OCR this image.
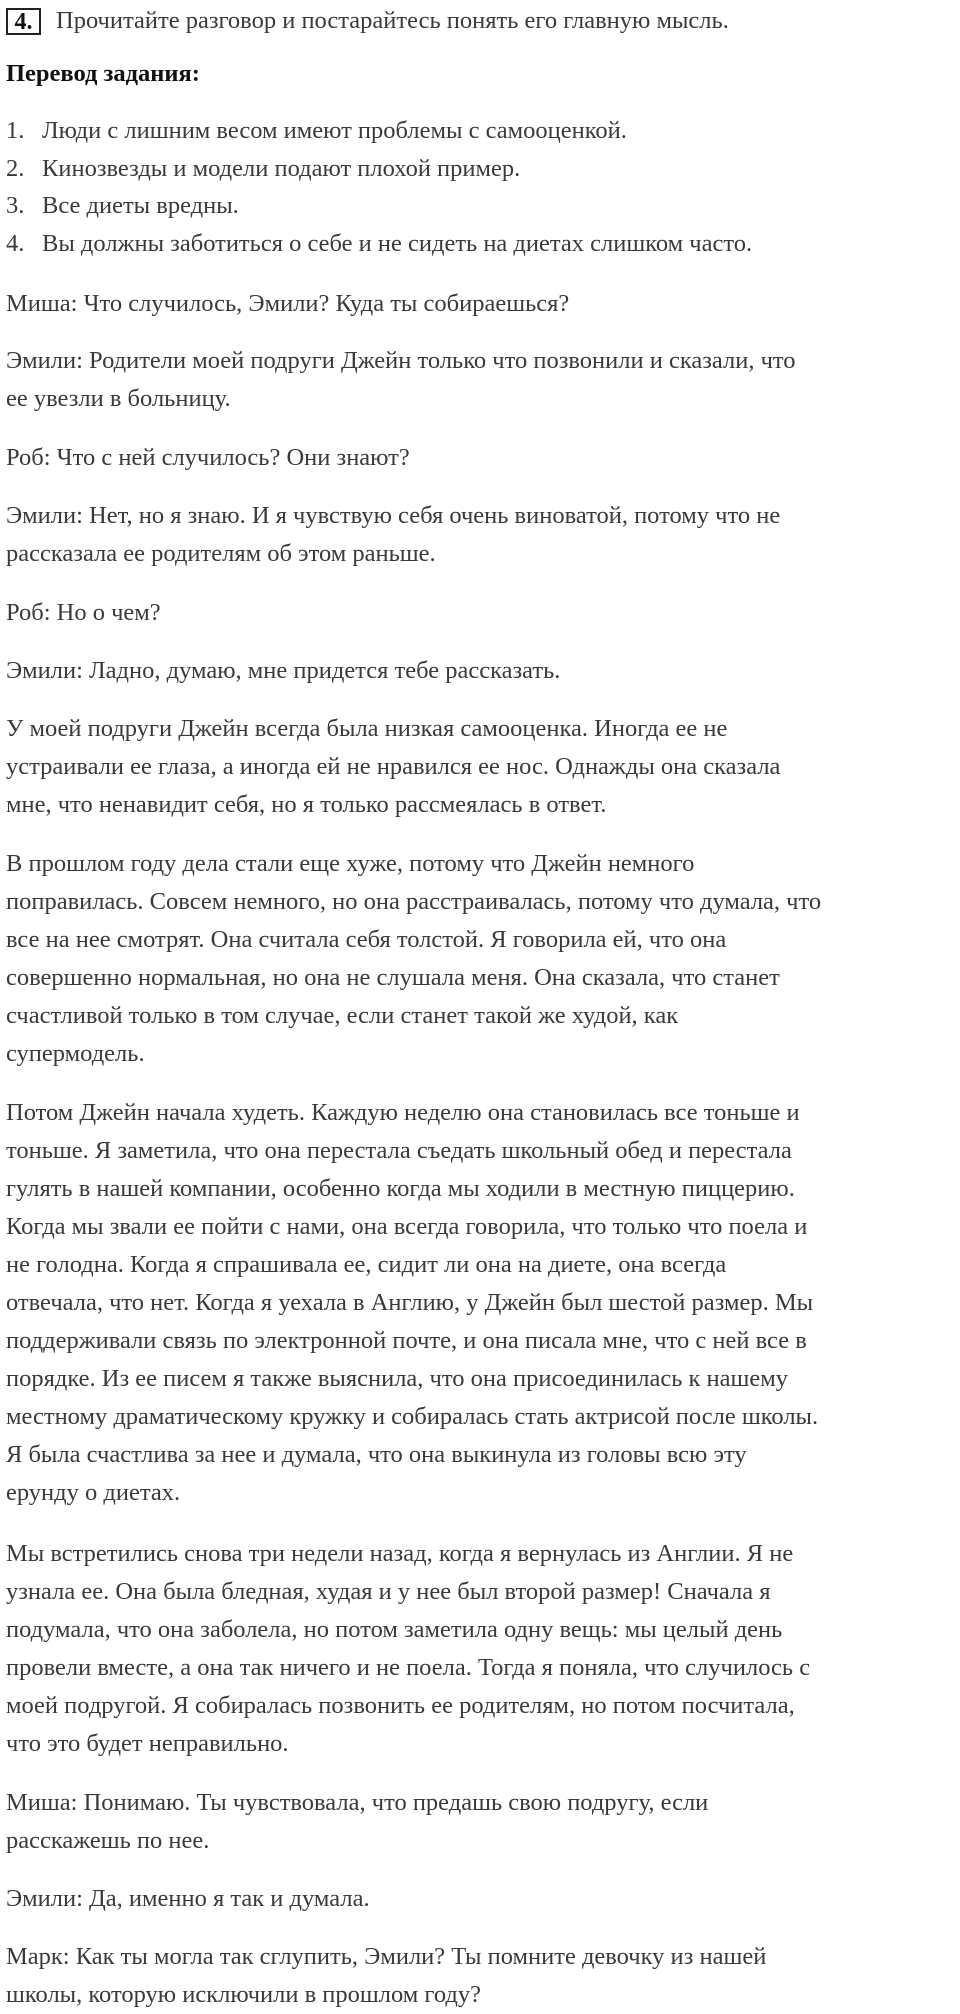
4. Прочитайте разговор и постарайтесь понять его главную мысль.
Перевод задания:
1. Люди с лишним весом имеют проблемы с самооценкой.
2. Кинозвезды и модели подают плохой пример.
3. Все диеты вредны.
4. Вы должны заботиться о себе и не сидеть на диетах слишком часто.

Миша: Что случилось, Эмили? Куда ты собираешься?

Эмили: Родители моей подруги Джейн только что позвонили и сказали, что
ее увезли в больницу.

Роб: Что с ней случилось? Они знают?

Эмили: Нет, но я знаю. И я чувствую себя очень виноватой, потому что не
рассказала ее родителям об этом раньше.

Роб: Но о чем?

Эмили: Ладно, думаю, мне придется тебе рассказать.

У моей подруги Джейн всегда была низкая самооценка. Иногда ее не
устраивали ее глаза, а иногда ей не нравился ее нос. Однажды она сказала
мне, что ненавидит себя, но я только рассмеялась в ответ.

В прошлом году дела стали еще хуже, потому что Джейн немного
поправилась. Совсем немного, но она расстраивалась, потому что думала, что
все на нее смотрят. Она считала себя толстой. Я говорила ей, что она
совершенно нормальная, но она не слушала меня. Она сказала, что станет
счастливой только в том случае, если станет такой же худой, как
супермодель.

Потом Джейн начала худеть. Каждую неделю она становилась все тоньше и
тоньше. Я заметила, что она перестала съедать школьный обед и перестала
гулять в нашей компании, особенно когда мы ходили в местную пиццерию.
Когда мы звали ее пойти с нами, она всегда говорила, что только что поела и
не голодна. Когда я спрашивала ее, сидит ли она на диете, она всегда
отвечала, что нет. Когда я уехала в Англию, у Джейн был шестой размер. Мы
поддерживали связь по электронной почте, и она писала мне, что с ней все в
порядке. Из ее писем я также выяснила, что она присоединилась к нашему
местному драматическому кружку и собиралась стать актрисой после школы.
Я была счастлива за нее и думала, что она выкинула из головы всю эту
ерунду о диетах.

Мы встретились снова три недели назад, когда я вернулась из Англии. Я не
узнала ее. Она была бледная, худая и у нее был второй размер! Сначала я
подумала, что она заболела, но потом заметила одну вещь: мы целый день
провели вместе, а она так ничего и не поела. Тогда я поняла, что случилось с
моей подругой. Я собиралась позвонить ее родителям, но потом посчитала,
что это будет неправильно.

Миша: Понимаю. Ты чувствовала, что предашь свою подругу, если
расскажешь по нее.

Эмили: Да, именно я так и думала.

Марк: Как ты могла так сглупить, Эмили? Ты помните девочку из нашей
школы, которую исключили в прошлом году?
